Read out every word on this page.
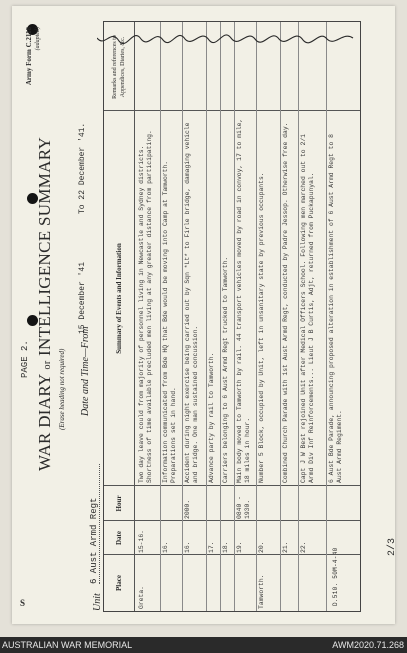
D.510. 50M-4-40
Army Form C.2118 (adapted)
PAGE 2.
WAR DIARY or INTELLIGENCE SUMMARY
(Erase heading not required)
Unit
6 Aust Armd Regt
Date and Time—From
15 December '41
To 22 December '41.
Place
Date
Hour
Summary of Events and Information
Remarks and references to Appendices, Diaries, &c.
Greta.
15-16.
Two day leave could from majority of personnel living in Newcastle and Sydney districts. Shortness of time available precluded men living at any greater distance from participating.
16.
Information communicated from Bde HQ that Bde would be moving into Camp at Tamworth. Preparations set in hand.
16.
2000.
Accident during night exercise being carried out by Sqn *Lt* to Firle bridge, damaging vehicle and bridge. One man sustained concussion.
17.
Advance party by rail to Tamworth.
18.
Carriers belonging to 6 Aust Armd Regt trucked to Tamworth.
19.
0840 - 1930.
Main body moved to Tamworth by rail. 44 transport vehicles moved by road in convoy, 17 to mile, 18 miles in hour.
Tamworth.
20.
Number 5 Block, occupied by Unit, left in unsanitary state by previous occupants.
21.
Combined Church Parade with 1st Aust Armd Regt, conducted by Padre Jessop. Otherwise free day.
22.
Capt J W Best rejoined Unit after Medical Officers School. Following men marched out to 2/1 Armd Div Inf Reinforcements... Lieut J B Curtis, Adjt, returned from Puckapunyal.	6 Aust Bde Parade, announcing proposed alteration in establishment of 6 Aust Armd Regt to 8 Aust Armd Regiment.
2/3
S
AUSTRALIAN WAR MEMORIAL	AWM2020.71.268
